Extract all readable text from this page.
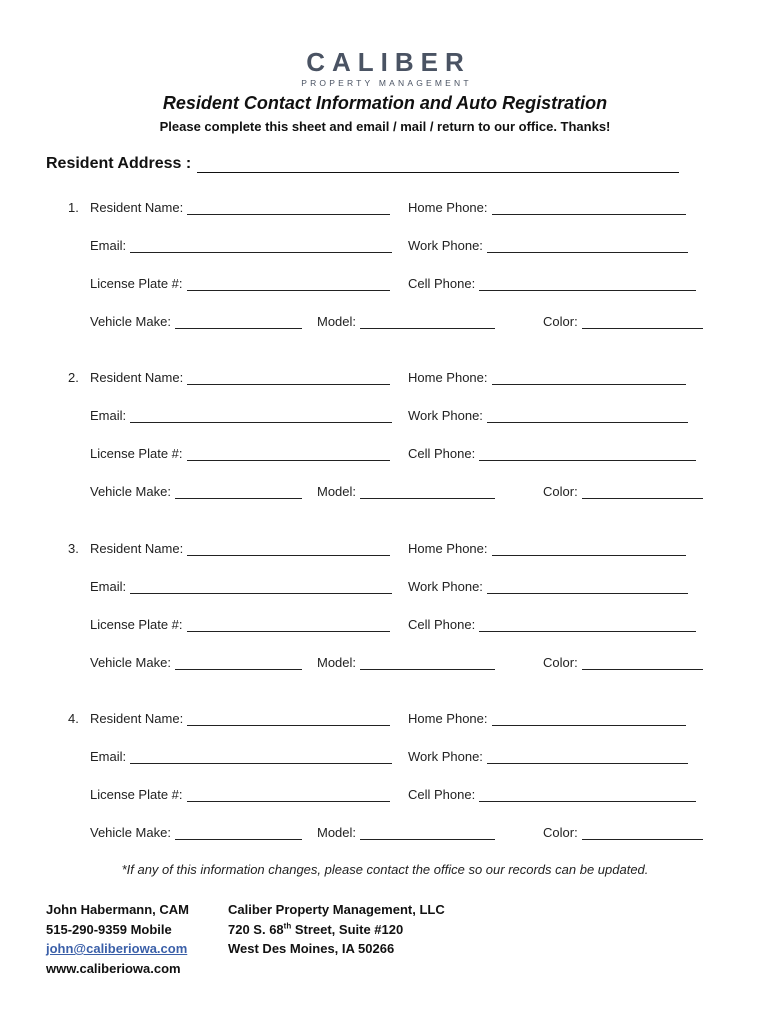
CALIBER
PROPERTY MANAGEMENT
Resident Contact Information and Auto Registration
Please complete this sheet and email / mail / return to our office. Thanks!
Resident Address :
1. Resident Name:	Home Phone:
Email:	Work Phone:
License Plate #:	Cell Phone:
Vehicle Make:	Model:	Color:
2. Resident Name:	Home Phone:
Email:	Work Phone:
License Plate #:	Cell Phone:
Vehicle Make:	Model:	Color:
3. Resident Name:	Home Phone:
Email:	Work Phone:
License Plate #:	Cell Phone:
Vehicle Make:	Model:	Color:
4. Resident Name:	Home Phone:
Email:	Work Phone:
License Plate #:	Cell Phone:
Vehicle Make:	Model:	Color:
*If any of this information changes, please contact the office so our records can be updated.
John Habermann, CAM
515-290-9359 Mobile
john@caliberiowa.com
www.caliberiowa.com
Caliber Property Management, LLC
720 S. 68th Street, Suite #120
West Des Moines, IA 50266
